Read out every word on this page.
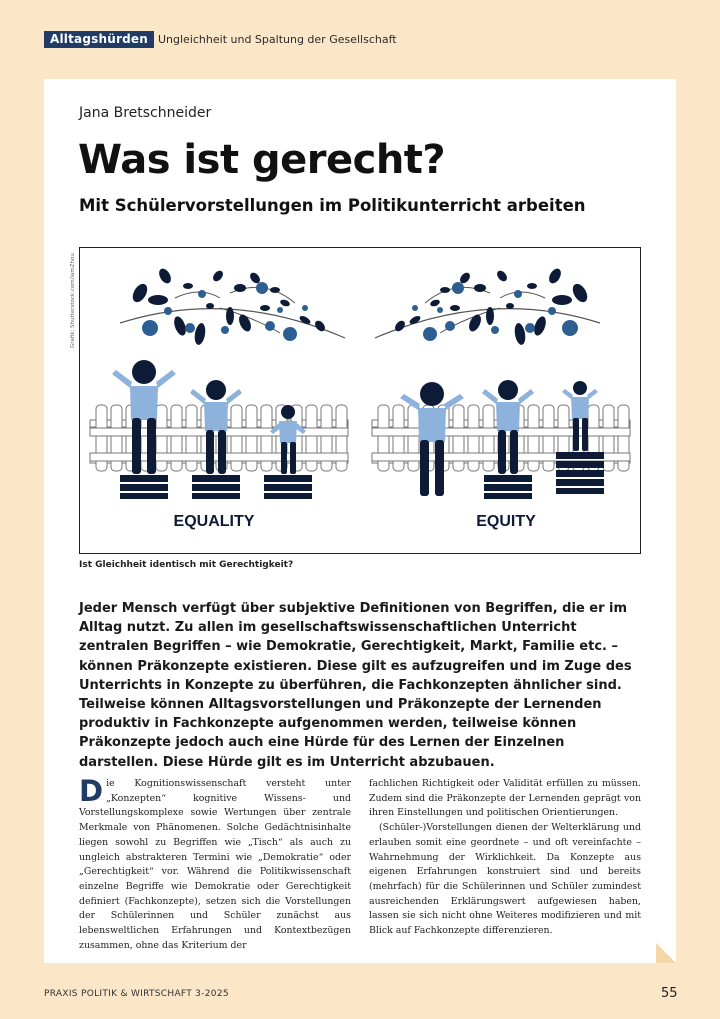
Alltagshürden Ungleichheit und Spaltung der Gesellschaft
Jana Bretschneider
Was ist gerecht?
Mit Schülervorstellungen im Politikunterricht arbeiten
Grafik: Shutterstock.com/iamZhou
EQUALITY	EQUITY
Ist Gleichheit identisch mit Gerechtigkeit?
Jeder Mensch verfügt über subjektive Definitionen von Begriffen, die er im Alltag nutzt. Zu allen im gesellschaftswissenschaftlichen Unterricht zentralen Begriffen – wie Demokratie, Gerechtigkeit, Markt, Familie etc. – können Präkonzepte existieren. Diese gilt es aufzugreifen und im Zuge des Unterrichts in Konzepte zu überführen, die Fachkonzepten ähnlicher sind. Teilweise können Alltagsvorstellungen und Präkonzepte der Lernenden produktiv in Fachkonzepte aufgenommen werden, teilweise können Präkonzepte jedoch auch eine Hürde für des Lernen der Einzelnen darstellen. Diese Hürde gilt es im Unterricht abzubauen.

Die Kognitionswissenschaft versteht unter „Konzepten“ kognitive Wissens- und Vorstellungskomplexe sowie Wertungen über zentrale Merkmale von Phänomenen. Solche Gedächtnisinhalte liegen sowohl zu Begriffen wie „Tisch“ als auch zu ungleich abstrakteren Termini wie „Demokratie“ oder „Gerechtigkeit“ vor. Während die Politikwissenschaft einzelne Begriffe wie Demokratie oder Gerechtigkeit definiert (Fachkonzepte), setzen sich die Vorstellungen der Schülerinnen und Schüler zunächst aus lebensweltlichen Erfahrungen und Kontextbezügen zusammen, ohne das Kriterium der

fachlichen Richtigkeit oder Validität erfüllen zu müssen. Zudem sind die Präkonzepte der Lernenden geprägt von ihren Einstellungen und politischen Orientierungen.

(Schüler-)Vorstellungen dienen der Welterklärung und erlauben somit eine geordnete – und oft vereinfachte – Wahrnehmung der Wirklichkeit. Da Konzepte aus eigenen Erfahrungen konstruiert sind und bereits (mehrfach) für die Schülerinnen und Schüler zumindest ausreichenden Erklärungswert aufgewiesen haben, lassen sie sich nicht ohne Weiteres modifizieren und mit Blick auf Fachkonzepte differenzieren.

PRAXIS POLITIK & WIRTSCHAFT 3-2025	55
